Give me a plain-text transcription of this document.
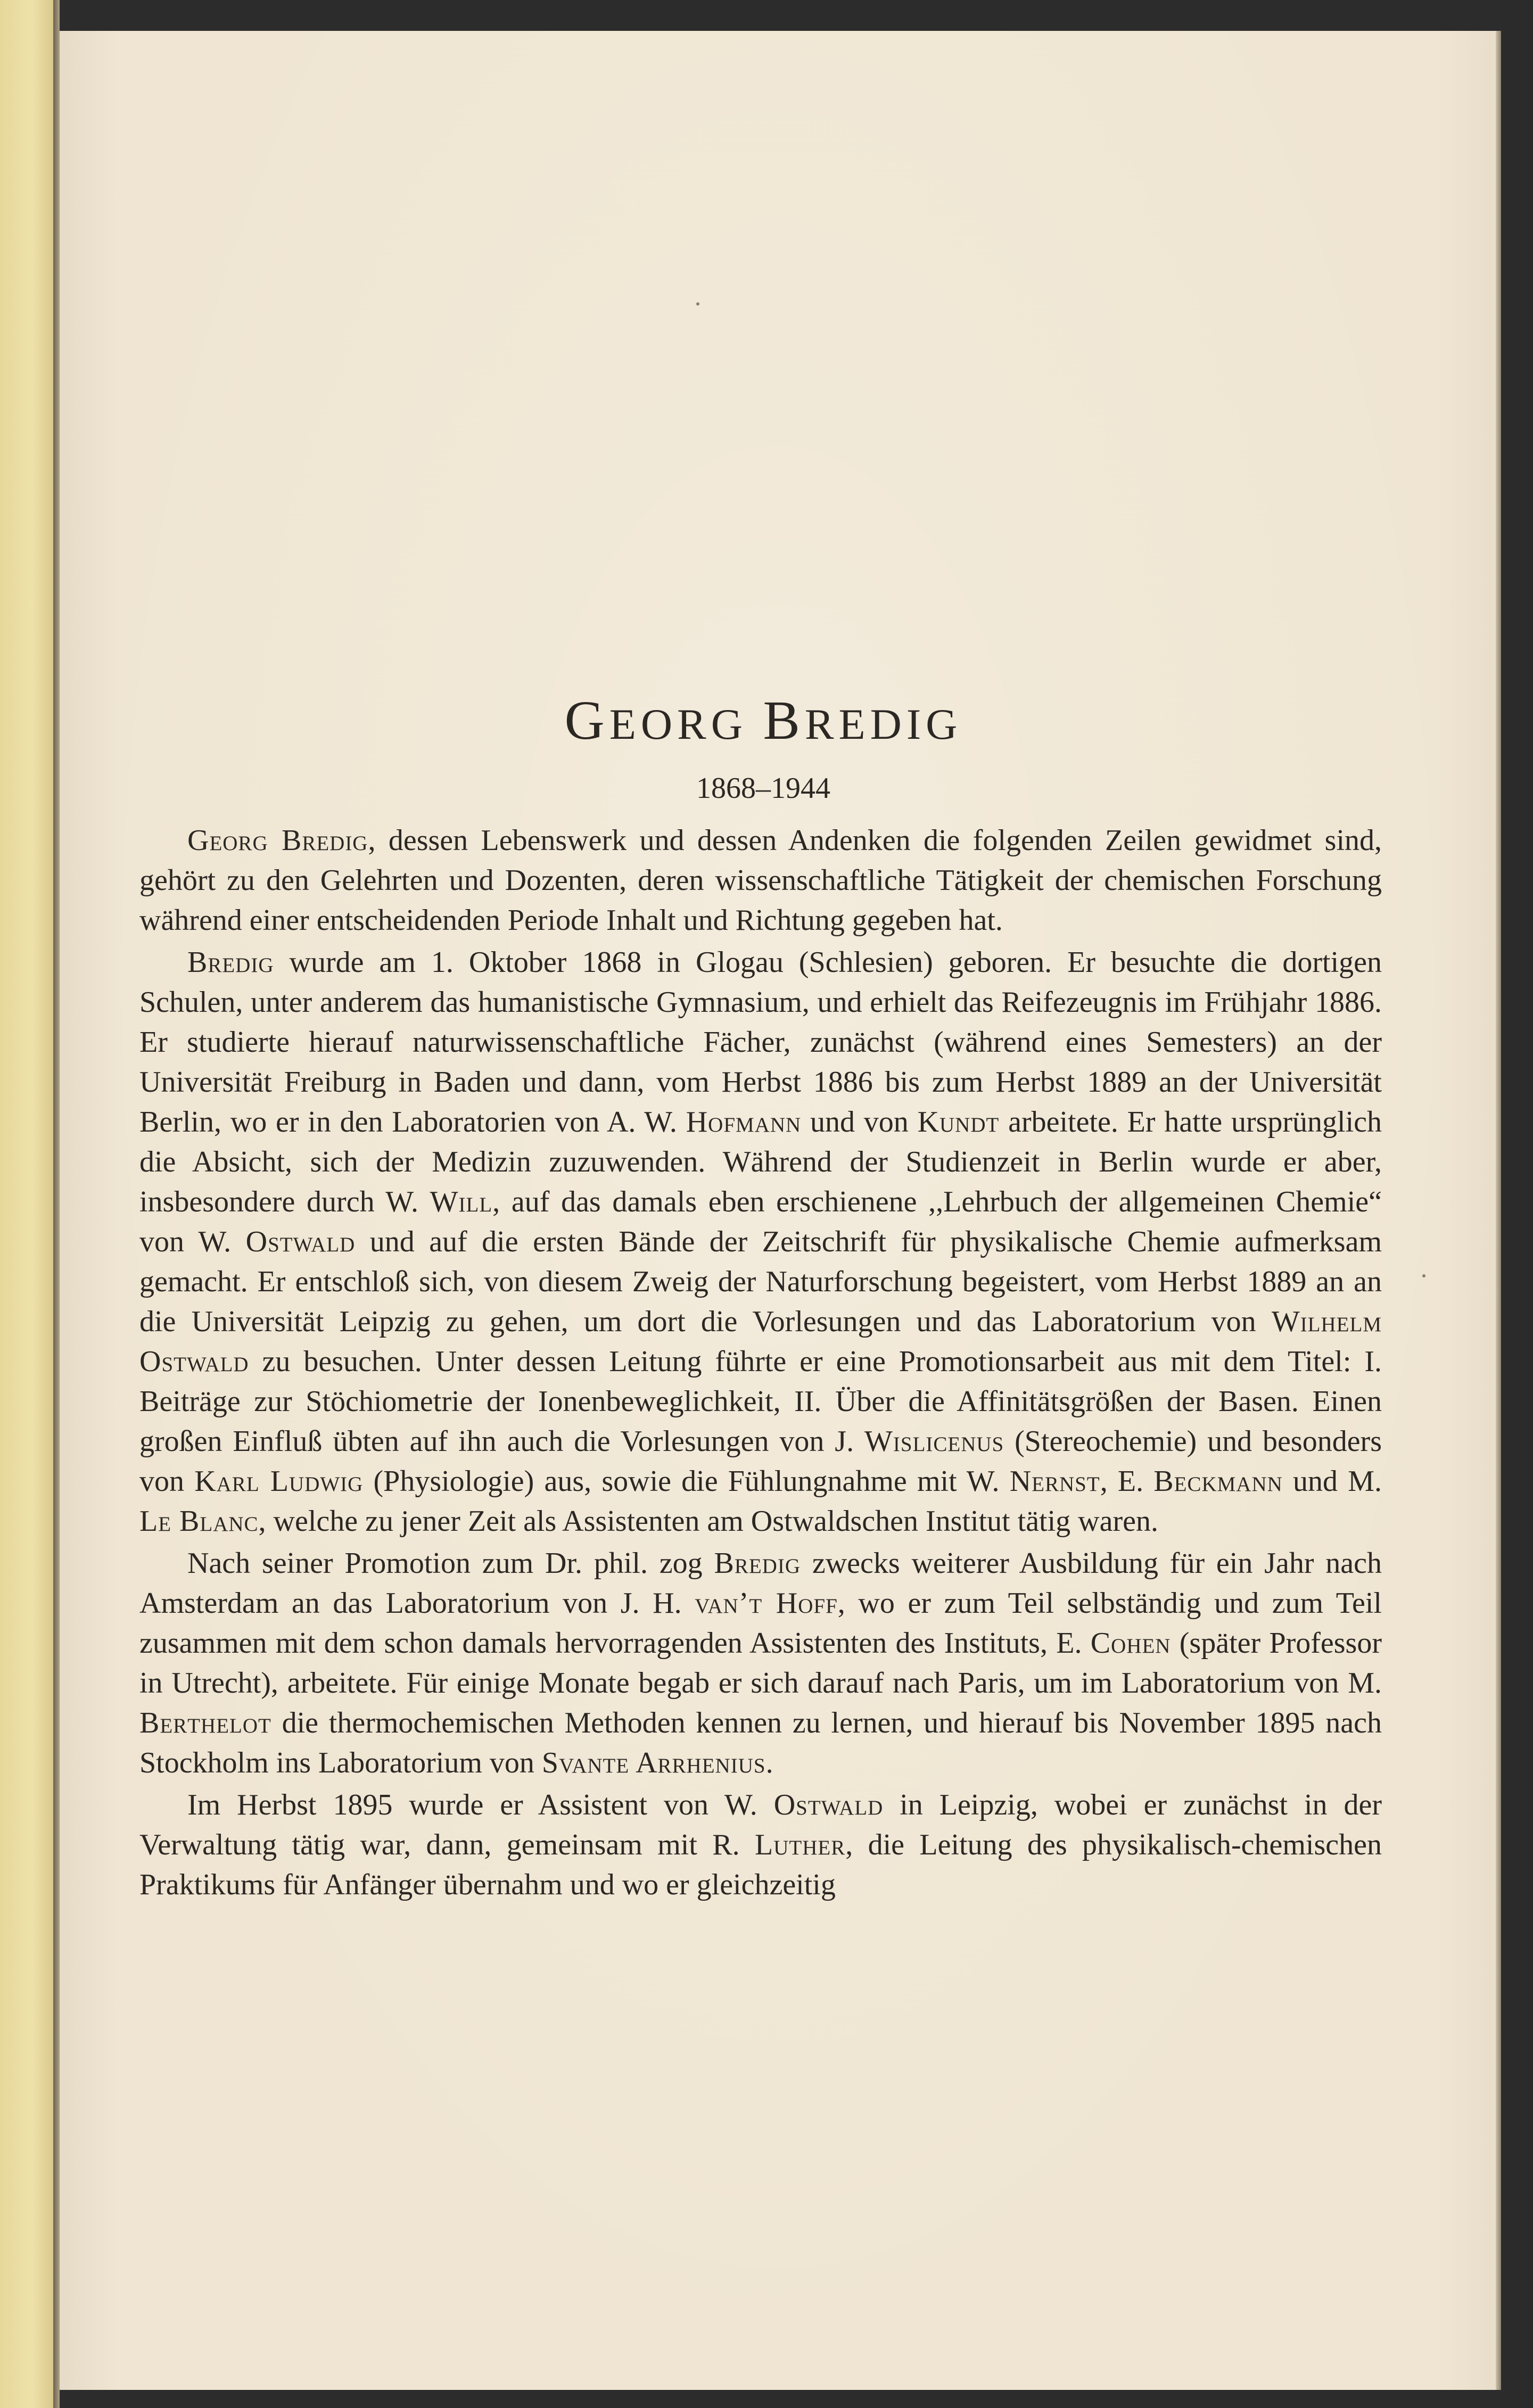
GEORG BREDIG
1868–1944

Georg Bredig, dessen Lebenswerk und dessen Andenken die folgenden Zeilen gewidmet sind, gehört zu den Gelehrten und Dozenten, deren wissenschaftliche Tätigkeit der chemischen Forschung während einer entscheidenden Periode Inhalt und Richtung gegeben hat.

Bredig wurde am 1. Oktober 1868 in Glogau (Schlesien) geboren. Er besuchte die dortigen Schulen, unter anderem das humanistische Gymnasium, und erhielt das Reifezeugnis im Frühjahr 1886. Er studierte hierauf naturwissenschaftliche Fächer, zunächst (während eines Semesters) an der Universität Freiburg in Baden und dann, vom Herbst 1886 bis zum Herbst 1889 an der Universität Berlin, wo er in den Laboratorien von A. W. Hofmann und von Kundt arbeitete. Er hatte ursprünglich die Absicht, sich der Medizin zuzuwenden. Während der Studienzeit in Berlin wurde er aber, insbesondere durch W. Will, auf das damals eben erschienene ,,Lehrbuch der allgemeinen Chemie“ von W. Ostwald und auf die ersten Bände der Zeitschrift für physikalische Chemie aufmerksam gemacht. Er entschloß sich, von diesem Zweig der Naturforschung begeistert, vom Herbst 1889 an an die Universität Leipzig zu gehen, um dort die Vorlesungen und das Laboratorium von Wilhelm Ostwald zu besuchen. Unter dessen Leitung führte er eine Promotionsarbeit aus mit dem Titel: I. Beiträge zur Stöchiometrie der Ionenbeweglichkeit, II. Über die Affinitätsgrößen der Basen. Einen großen Einfluß übten auf ihn auch die Vorlesungen von J. Wislicenus (Stereochemie) und besonders von Karl Ludwig (Physiologie) aus, sowie die Fühlungnahme mit W. Nernst, E. Beckmann und M. Le Blanc, welche zu jener Zeit als Assistenten am Ostwaldschen Institut tätig waren.

Nach seiner Promotion zum Dr. phil. zog Bredig zwecks weiterer Ausbildung für ein Jahr nach Amsterdam an das Laboratorium von J. H. van’t Hoff, wo er zum Teil selbständig und zum Teil zusammen mit dem schon damals hervorragenden Assistenten des Instituts, E. Cohen (später Professor in Utrecht), arbeitete. Für einige Monate begab er sich darauf nach Paris, um im Laboratorium von M. Berthelot die thermochemischen Methoden kennen zu lernen, und hierauf bis November 1895 nach Stockholm ins Laboratorium von Svante Arrhenius.

Im Herbst 1895 wurde er Assistent von W. Ostwald in Leipzig, wobei er zunächst in der Verwaltung tätig war, dann, gemeinsam mit R. Luther, die Leitung des physikalisch-chemischen Praktikums für Anfänger übernahm und wo er gleichzeitig
